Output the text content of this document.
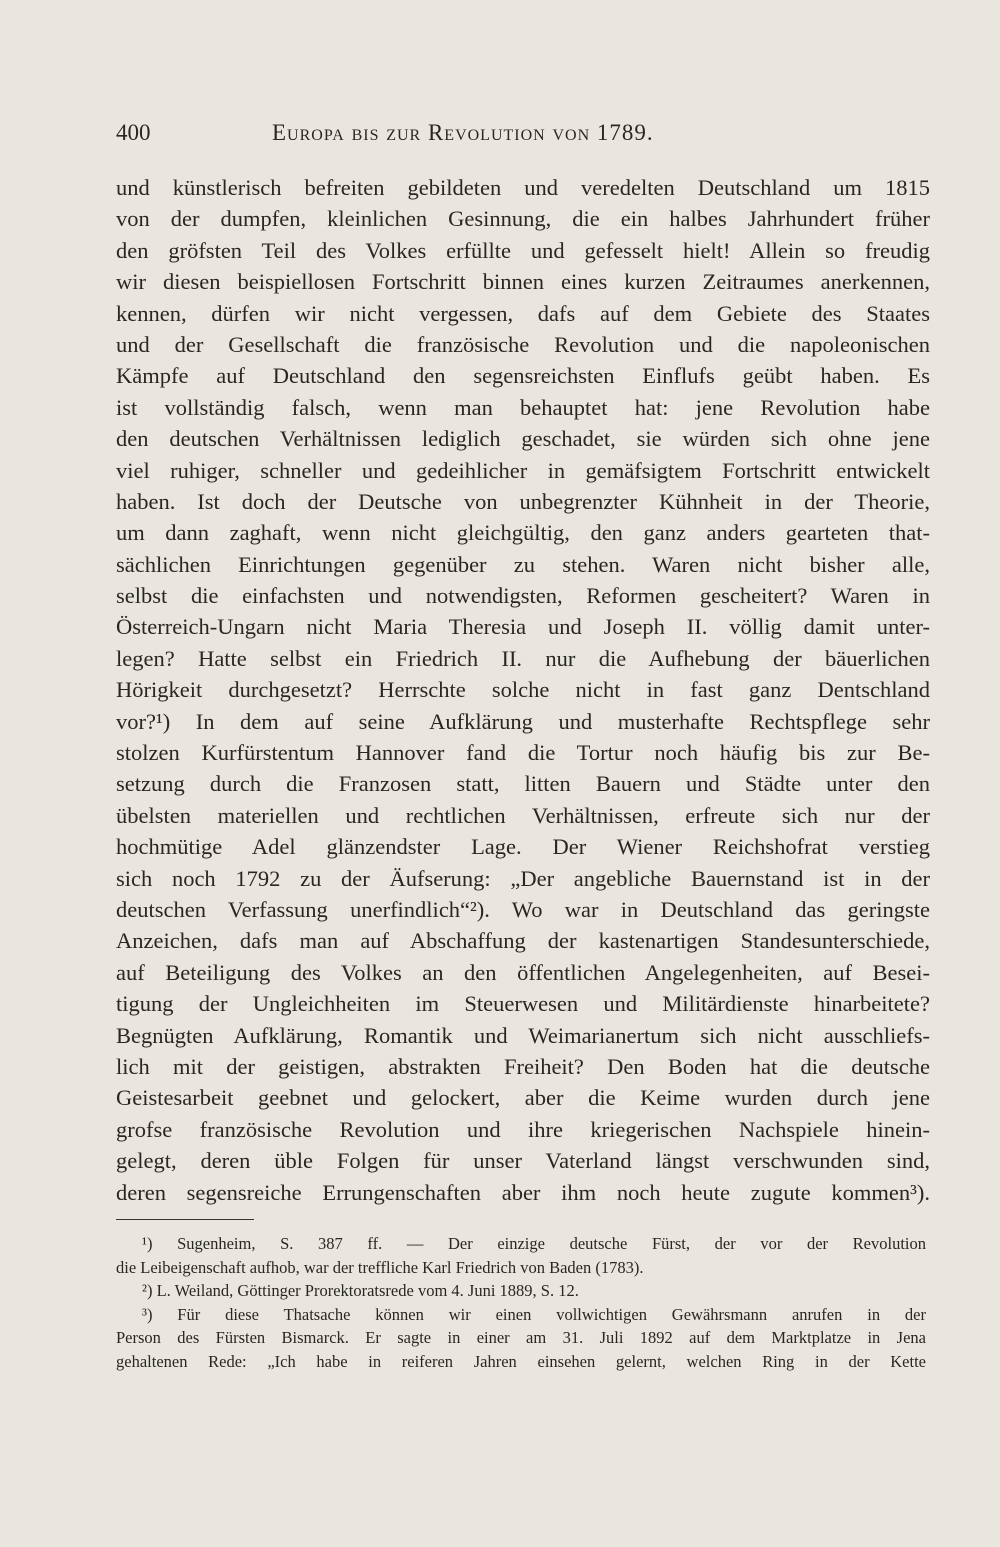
400	Europa bis zur Revolution von 1789.
und künstlerisch befreiten gebildeten und veredelten Deutschland um 1815
von der dumpfen, kleinlichen Gesinnung, die ein halbes Jahrhundert früher
den gröfsten Teil des Volkes erfüllte und gefesselt hielt! Allein so freudig
wir diesen beispiellosen Fortschritt binnen eines kurzen Zeitraumes anerkennen,
kennen, dürfen wir nicht vergessen, dafs auf dem Gebiete des Staates
und der Gesellschaft die französische Revolution und die napoleonischen
Kämpfe auf Deutschland den segensreichsten Einflufs geübt haben. Es
ist vollständig falsch, wenn man behauptet hat: jene Revolution habe
den deutschen Verhältnissen lediglich geschadet, sie würden sich ohne jene
viel ruhiger, schneller und gedeihlicher in gemäfsigtem Fortschritt entwickelt
haben. Ist doch der Deutsche von unbegrenzter Kühnheit in der Theorie,
um dann zaghaft, wenn nicht gleichgültig, den ganz anders gearteten that-
sächlichen Einrichtungen gegenüber zu stehen. Waren nicht bisher alle,
selbst die einfachsten und notwendigsten, Reformen gescheitert? Waren in
Österreich-Ungarn nicht Maria Theresia und Joseph II. völlig damit unter-
legen? Hatte selbst ein Friedrich II. nur die Aufhebung der bäuerlichen
Hörigkeit durchgesetzt? Herrschte solche nicht in fast ganz Dentschland
vor?¹) In dem auf seine Aufklärung und musterhafte Rechtspflege sehr
stolzen Kurfürstentum Hannover fand die Tortur noch häufig bis zur Be-
setzung durch die Franzosen statt, litten Bauern und Städte unter den
übelsten materiellen und rechtlichen Verhältnissen, erfreute sich nur der
hochmütige Adel glänzendster Lage. Der Wiener Reichshofrat verstieg
sich noch 1792 zu der Äufserung: „Der angebliche Bauernstand ist in der
deutschen Verfassung unerfindlich“²). Wo war in Deutschland das geringste
Anzeichen, dafs man auf Abschaffung der kastenartigen Standesunterschiede,
auf Beteiligung des Volkes an den öffentlichen Angelegenheiten, auf Besei-
tigung der Ungleichheiten im Steuerwesen und Militärdienste hinarbeitete?
Begnügten Aufklärung, Romantik und Weimarianertum sich nicht ausschliefs-
lich mit der geistigen, abstrakten Freiheit? Den Boden hat die deutsche
Geistesarbeit geebnet und gelockert, aber die Keime wurden durch jene
grofse französische Revolution und ihre kriegerischen Nachspiele hinein-
gelegt, deren üble Folgen für unser Vaterland längst verschwunden sind,
deren segensreiche Errungenschaften aber ihm noch heute zugute kommen³).
¹) Sugenheim, S. 387 ff. — Der einzige deutsche Fürst, der vor der Revolution
die Leibeigenschaft aufhob, war der treffliche Karl Friedrich von Baden (1783).
²) L. Weiland, Göttinger Prorektoratsrede vom 4. Juni 1889, S. 12.
³) Für diese Thatsache können wir einen vollwichtigen Gewährsmann anrufen in der
Person des Fürsten Bismarck. Er sagte in einer am 31. Juli 1892 auf dem Marktplatze in Jena
gehaltenen Rede: „Ich habe in reiferen Jahren einsehen gelernt, welchen Ring in der Kette
